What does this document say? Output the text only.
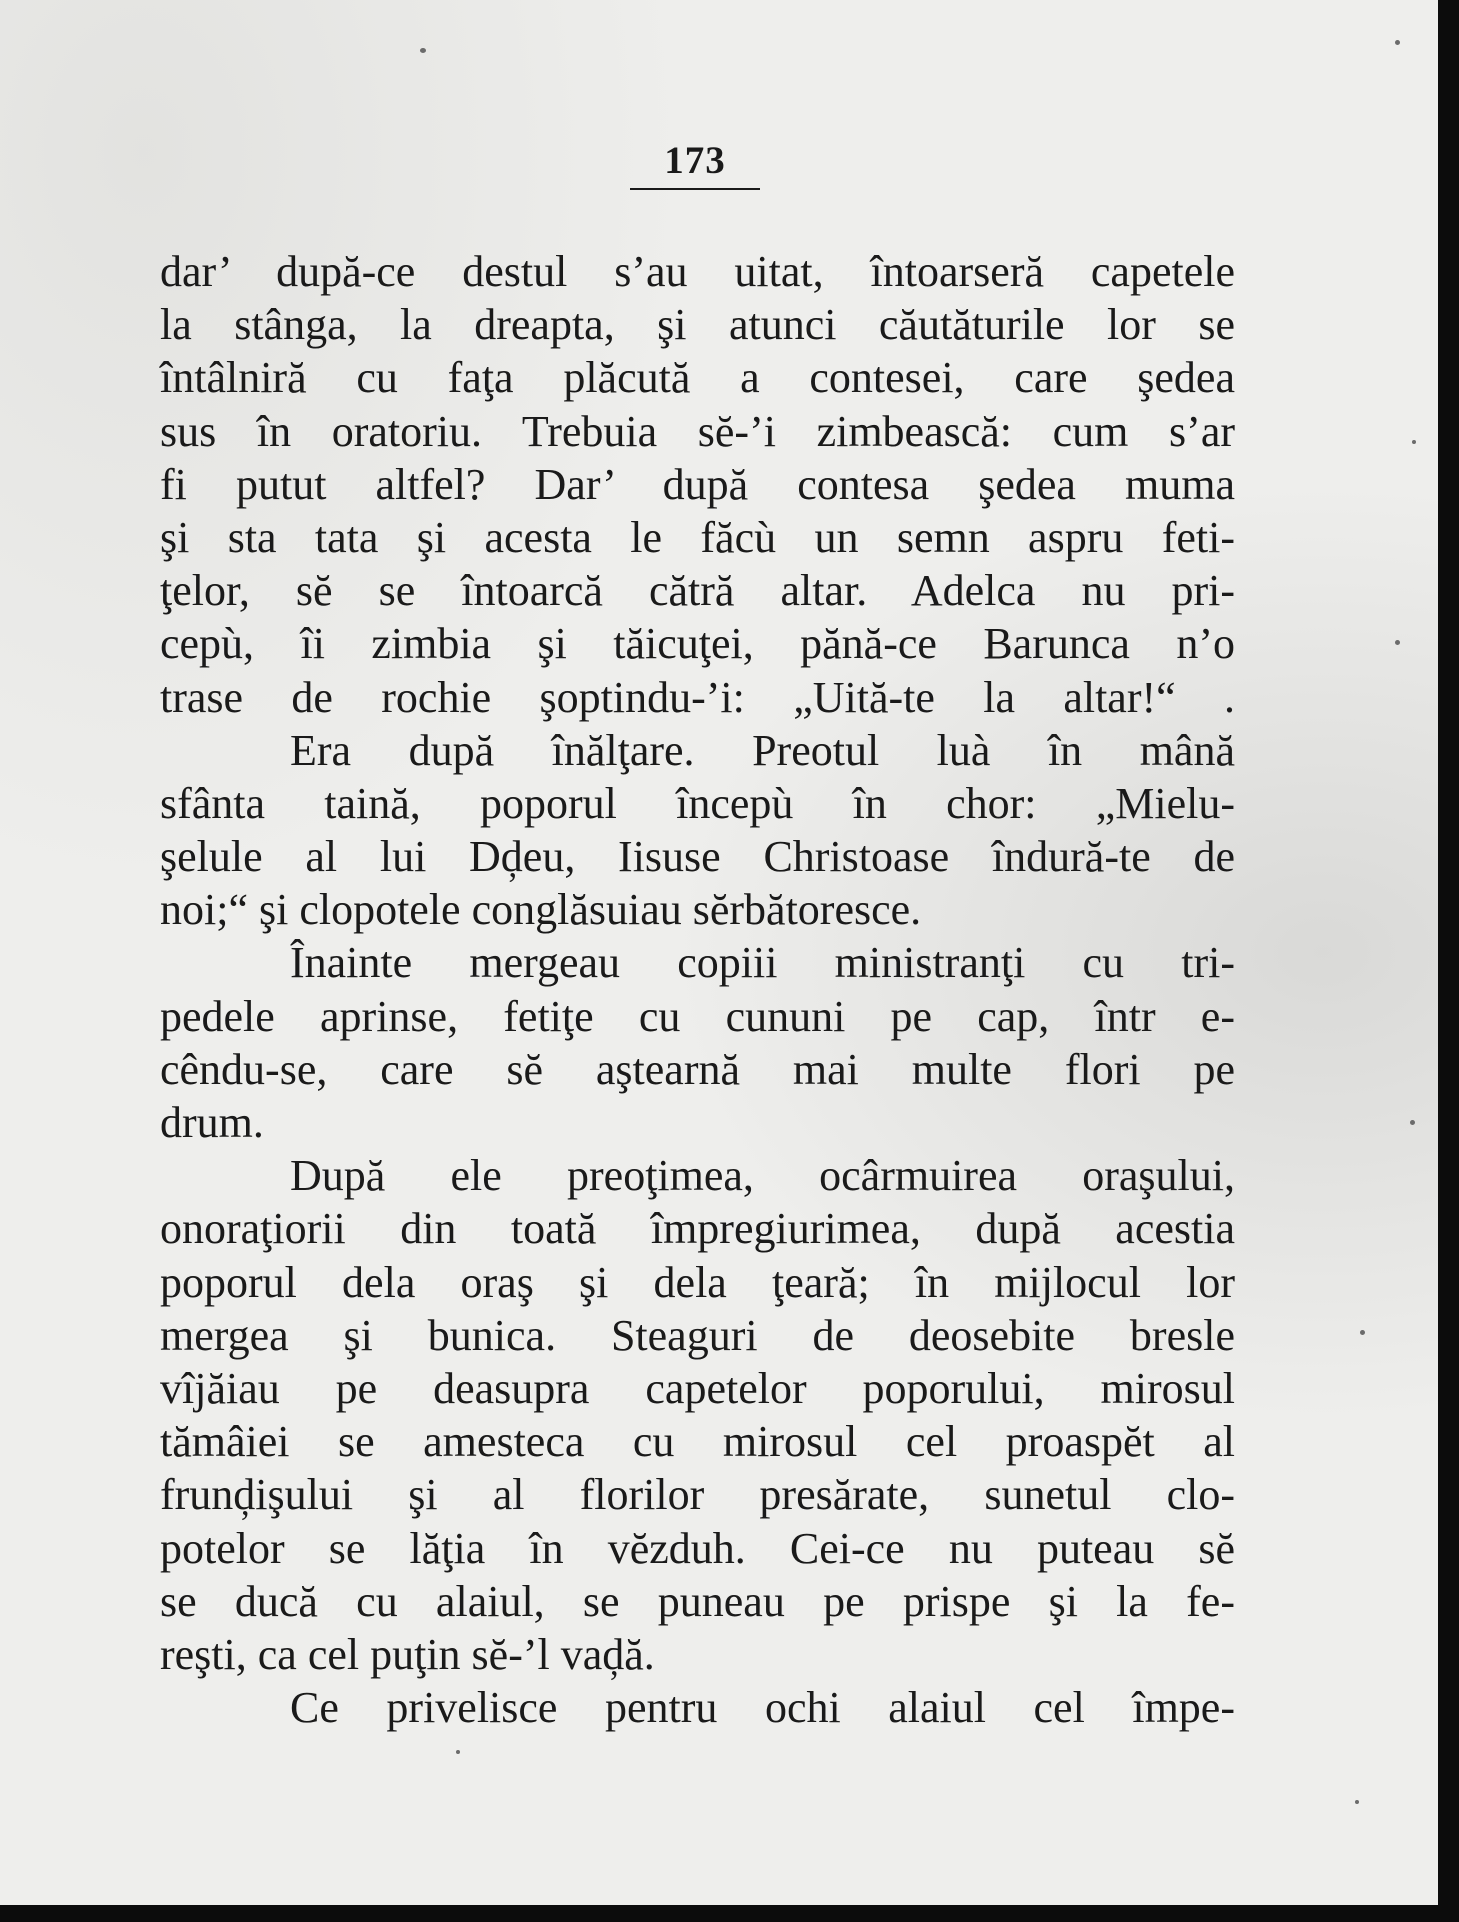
173
dar’ după-ce destul s’au uitat, întoarseră capetele
la stânga, la dreapta, şi atunci căutăturile lor se
întâlniră cu faţa plăcută a contesei, care şedea
sus în oratoriu. Trebuia sĕ-’i zimbească: cum s’ar
fi putut altfel? Dar’ după contesa şedea muma
şi sta tata şi acesta le făcù un semn aspru feti-
ţelor, sĕ se întoarcă cătră altar. Adelca nu pri-
cepù, îi zimbia şi tăicuţei, pănă-ce Barunca n’o
trase de rochie şoptindu-’i: „Uită-te la altar!“ .
Era după înălţare. Preotul luà în mână
sfânta taină, poporul începù în chor: „Mielu-
şelule al lui Dḑeu, Iisuse Christoase îndură-te de
noi;“ şi clopotele conglăsuiau sĕrbătoresce.
Înainte mergeau copiii ministranţi cu tri-
pedele aprinse, fetiţe cu cununi pe cap, într e-
cêndu-se, care sĕ aştearnă mai multe flori pe
drum.
După ele preoţimea, ocârmuirea oraşului,
onoraţiorii din toată împregiurimea, după acestia
poporul dela oraş şi dela ţeară; în mijlocul lor
mergea şi bunica. Steaguri de deosebite bresle
vîjăiau pe deasupra capetelor poporului, mirosul
tămâiei se amesteca cu mirosul cel proaspĕt al
frunḑişului şi al florilor presărate, sunetul clo-
potelor se lăţia în vĕzduh. Cei-ce nu puteau sĕ
se ducă cu alaiul, se puneau pe prispe şi la fe-
reşti, ca cel puţin sĕ-’l vaḑă.
Ce privelisce pentru ochi alaiul cel împe-
